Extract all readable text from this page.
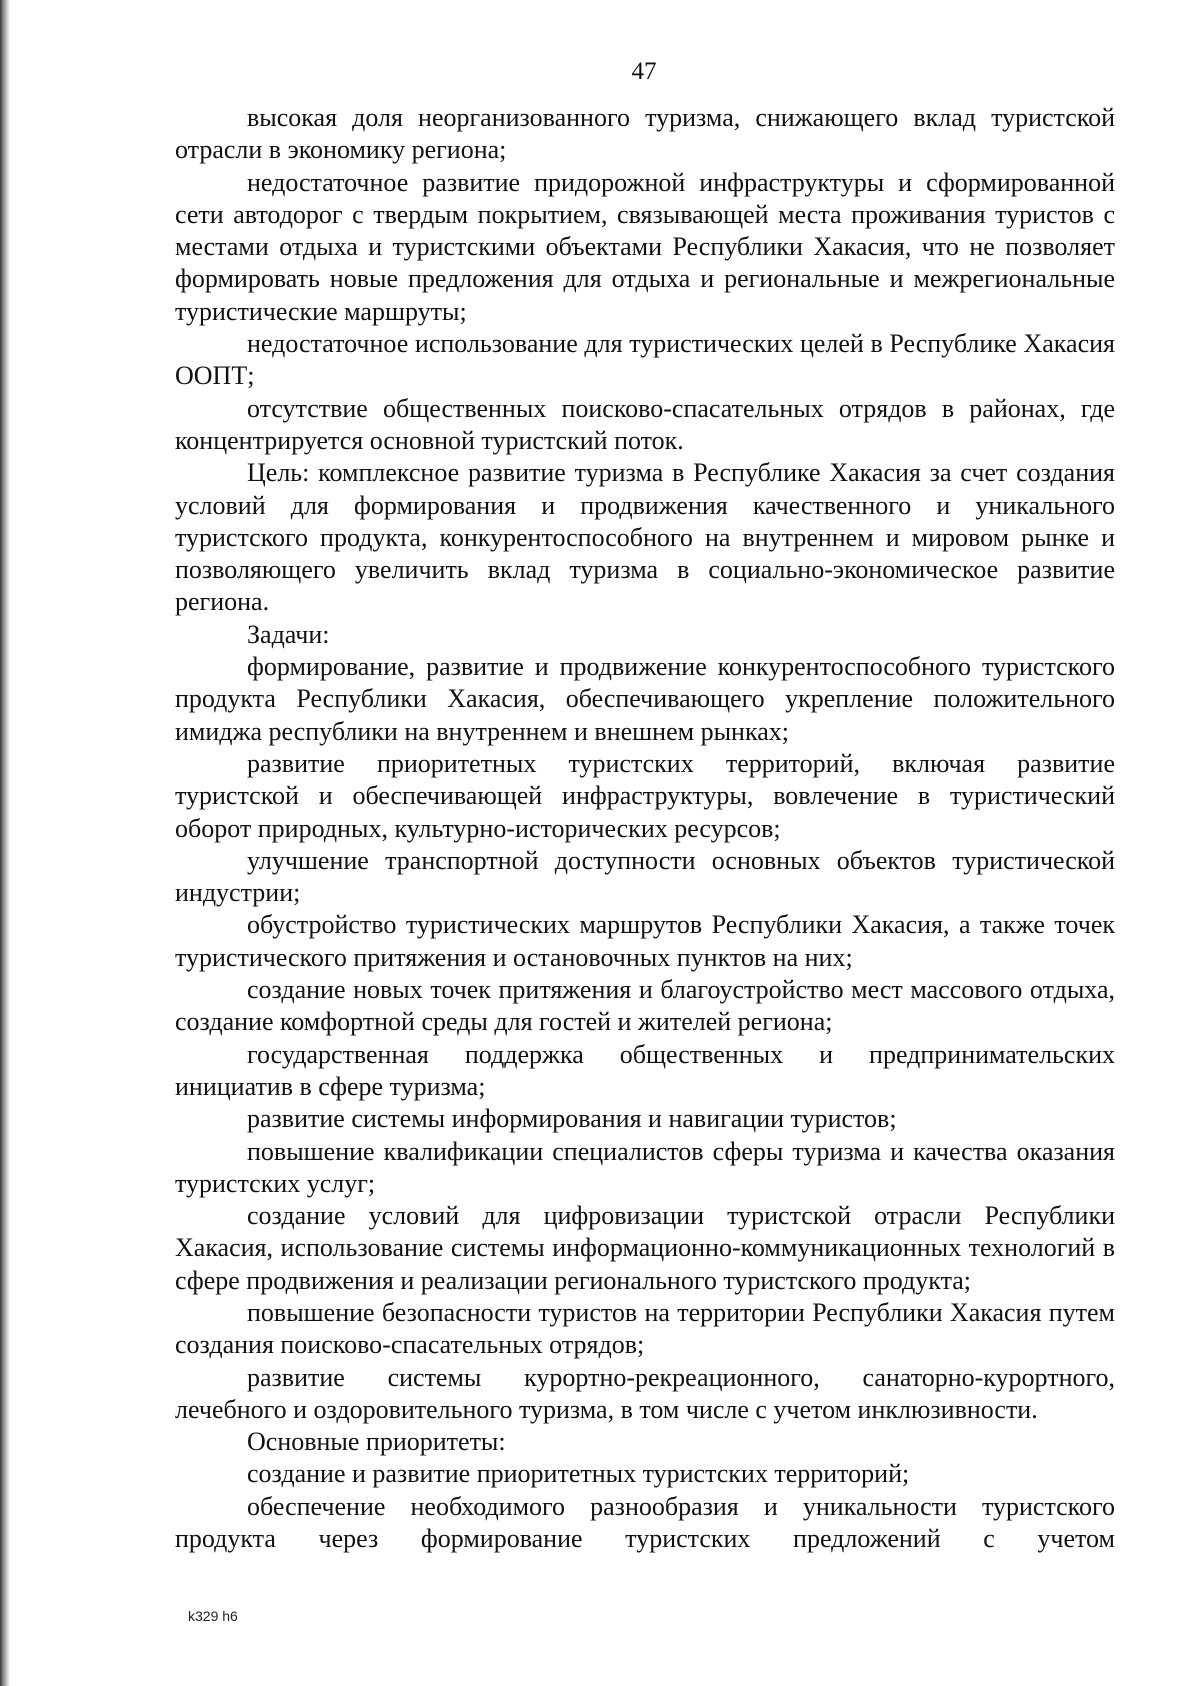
47

высокая доля неорганизованного туризма, снижающего вклад туристской отрасли в экономику региона;

недостаточное развитие придорожной инфраструктуры и сформированной сети автодорог с твердым покрытием, связывающей места проживания туристов с местами отдыха и туристскими объектами Республики Хакасия, что не позволяет формировать новые предложения для отдыха и региональные и межрегиональные туристические маршруты;

недостаточное использование для туристических целей в Республике Хакасия ООПТ;

отсутствие общественных поисково-спасательных отрядов в районах, где концентрируется основной туристский поток.

Цель: комплексное развитие туризма в Республике Хакасия за счет создания условий для формирования и продвижения качественного и уникального туристского продукта, конкурентоспособного на внутреннем и мировом рынке и позволяющего увеличить вклад туризма в социально-экономическое развитие региона.

Задачи:

формирование, развитие и продвижение конкурентоспособного туристского продукта Республики Хакасия, обеспечивающего укрепление положительного имиджа республики на внутреннем и внешнем рынках;

развитие приоритетных туристских территорий, включая развитие туристской и обеспечивающей инфраструктуры, вовлечение в туристический оборот природных, культурно-исторических ресурсов;

улучшение транспортной доступности основных объектов туристической индустрии;

обустройство туристических маршрутов Республики Хакасия, а также точек туристического притяжения и остановочных пунктов на них;

создание новых точек притяжения и благоустройство мест массового отдыха, создание комфортной среды для гостей и жителей региона;

государственная поддержка общественных и предпринимательских инициатив в сфере туризма;

развитие системы информирования и навигации туристов;

повышение квалификации специалистов сферы туризма и качества оказания туристских услуг;

создание условий для цифровизации туристской отрасли Республики Хакасия, использование системы информационно-коммуникационных технологий в сфере продвижения и реализации регионального туристского продукта;

повышение безопасности туристов на территории Республики Хакасия путем создания поисково-спасательных отрядов;

развитие системы курортно-рекреационного, санаторно-курортного, лечебного и оздоровительного туризма, в том числе с учетом инклюзивности.

Основные приоритеты:

создание и развитие приоритетных туристских территорий;

обеспечение необходимого разнообразия и уникальности туристского продукта через формирование туристских предложений с учетом

k329 h6
